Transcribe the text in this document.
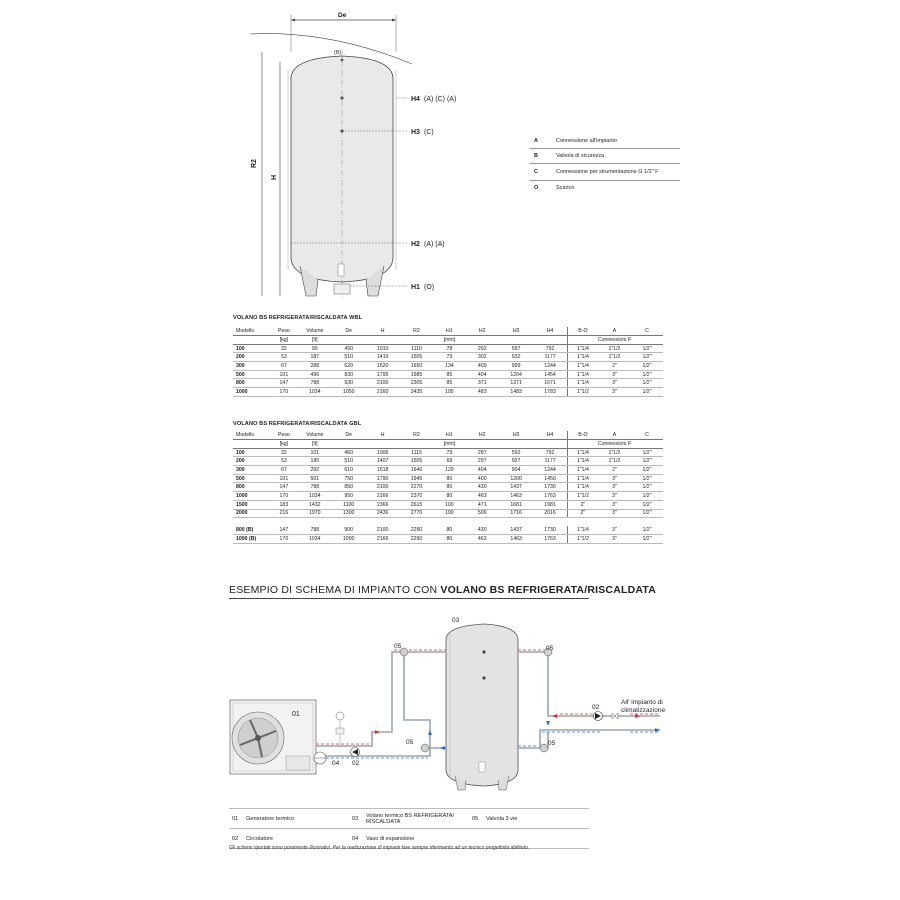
De
(B)
R2
H
H4 (A) (C) (A)
H3 (C)
H2 (A) (A)
H1 (O)
A	Connessione all'impianto
B	Valvola di sicurezza
C	Connessione per strumentazione G 1/2" F
O	Scarico
VOLANO BS REFRIGERATA/RISCALDATA WBL
Modello	Peso	Volume	De	H	R2	H1	H2	H3	H4	B-O	A	C
	[kg]	[lt]				[mm]					Connessioni F	
100	32	90	450	1010	1110	78	292	597	792	1"1/4	1"1/2	1/2"
200	53	187	510	1410	1505	73	302	932	1177	1"1/4	1"1/2	1/2"
300	67	288	620	1520	1650	134	409	999	1244	1"1/4	2"	1/2"
500	101	496	830	1795	1985	85	404	1204	1454	1"1/4	3"	1/2"
800	147	788	930	2100	2305	85	371	1371	1671	1"1/4	3"	1/2"
1000	170	1034	1050	2160	2435	105	483	1483	1783	1"1/2	3"	1/2"
VOLANO BS REFRIGERATA/RISCALDATA GBL
Modello	Peso	Volume	De	H	R2	H1	H2	H3	H4	B-O	A	C
	[kg]	[lt]				[mm]					Connessioni F	
100	32	101	460	1006	1115	73	287	592	792	1"1/4	1"1/2	1/2"
200	53	190	510	1407	1505	68	297	927	1177	1"1/4	1"1/2	1/2"
300	67	292	610	1518	1640	129	404	904	1244	1"1/4	2"	1/2"
500	101	501	750	1790	1945	80	400	1200	1450	1"1/4	3"	1/2"
800	147	788	850	2100	2270	80	430	1437	1730	1"1/4	3"	1/2"
1000	170	1034	950	2166	2370	80	463	1463	1763	1"1/2	3"	1/2"
1500	183	1432	1100	2366	2615	100	471	1681	1981	2"	3"	1/2"
2000	216	1970	1300	2436	2770	100	506	1716	2016	2"	3"	1/2"

800 (B)	147	788	900	2100	2290	80	430	1437	1730	1"1/4	3"	1/2"
1000 (B)	170	1034	1000	2166	2290	80	463	1463	1763	1"1/2	3"	1/2"
ESEMPIO DI SCHEMA DI IMPIANTO CON VOLANO BS REFRIGERATA/RISCALDATA
03
01
05	05
05	05
02
04
02
All' impianto di
climatizzazione
01	Generatore termico	03	Volano termico BS REFRIGERATA/ RISCALDATA	05	Valvola 3 vie
02	Circolatore	04	Vaso di espansione
Gli schemi riportati sono puramente illustrativi. Per la realizzazione di impianti fare sempre riferimento ad un tecnico progettista abilitato.
